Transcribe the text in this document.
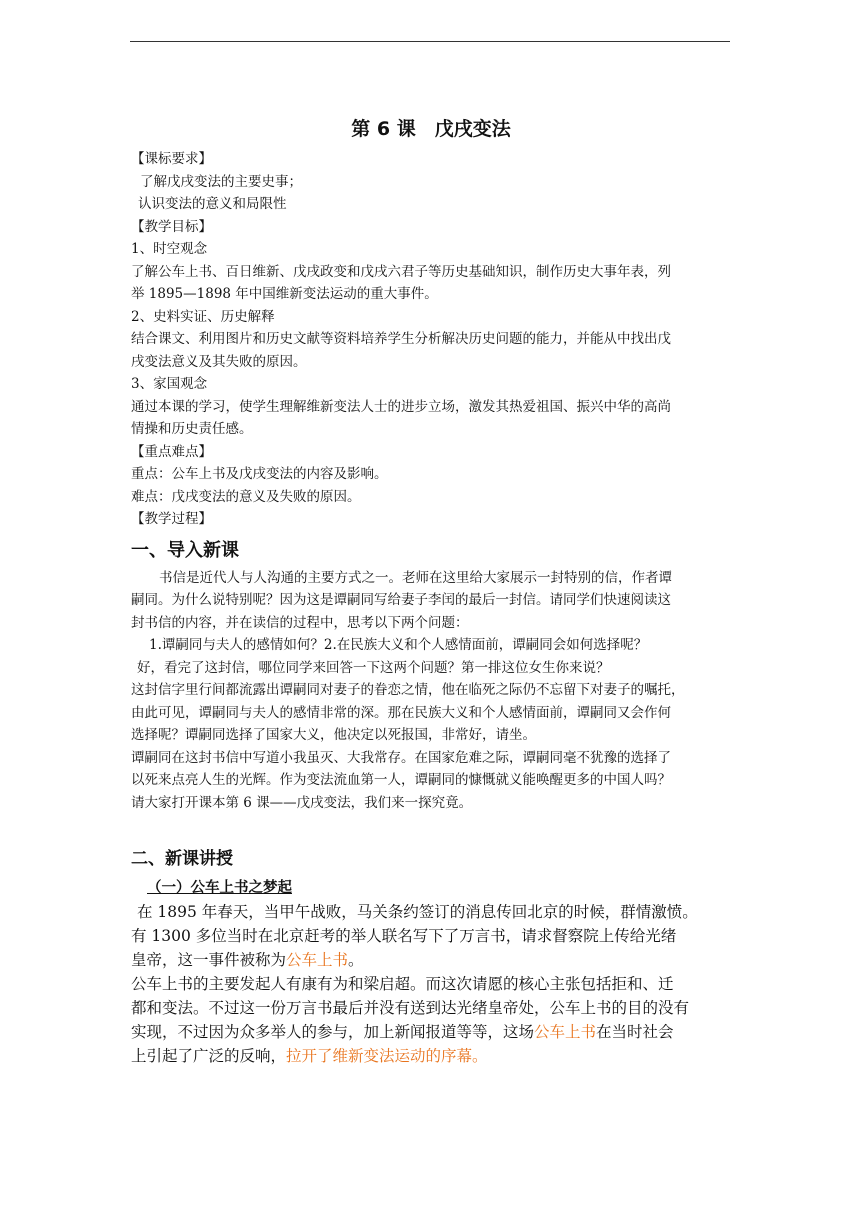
第 6 课　戊戌变法
【课标要求】
了解戊戌变法的主要史事；
认识变法的意义和局限性
【教学目标】
1、时空观念
了解公车上书、百日维新、戊戌政变和戊戌六君子等历史基础知识，制作历史大事年表，列
举 1895—1898 年中国维新变法运动的重大事件。
2、史料实证、历史解释
结合课文、利用图片和历史文献等资料培养学生分析解决历史问题的能力，并能从中找出戊
戌变法意义及其失败的原因。
3、家国观念
通过本课的学习，使学生理解维新变法人士的进步立场，激发其热爱祖国、振兴中华的高尚
情操和历史责任感。
【重点难点】
重点：公车上书及戊戌变法的内容及影响。
难点：戊戌变法的意义及失败的原因。
【教学过程】
一、导入新课
书信是近代人与人沟通的主要方式之一。老师在这里给大家展示一封特别的信，作者谭
嗣同。为什么说特别呢？因为这是谭嗣同写给妻子李闰的最后一封信。请同学们快速阅读这
封书信的内容，并在读信的过程中，思考以下两个问题：
1.谭嗣同与夫人的感情如何？2.在民族大义和个人感情面前，谭嗣同会如何选择呢？
好，看完了这封信，哪位同学来回答一下这两个问题？第一排这位女生你来说？
这封信字里行间都流露出谭嗣同对妻子的眷恋之情，他在临死之际仍不忘留下对妻子的嘱托，
由此可见，谭嗣同与夫人的感情非常的深。那在民族大义和个人感情面前，谭嗣同又会作何
选择呢？谭嗣同选择了国家大义，他决定以死报国，非常好，请坐。
谭嗣同在这封书信中写道小我虽灭、大我常存。在国家危难之际，谭嗣同毫不犹豫的选择了
以死来点亮人生的光辉。作为变法流血第一人，谭嗣同的慷慨就义能唤醒更多的中国人吗？
请大家打开课本第 6 课——戊戌变法，我们来一探究竟。
二、新课讲授
（一）公车上书之梦起
在 1895 年春天，当甲午战败，马关条约签订的消息传回北京的时候，群情激愤。
有 1300 多位当时在北京赶考的举人联名写下了万言书，请求督察院上传给光绪
皇帝，这一事件被称为公车上书。
公车上书的主要发起人有康有为和梁启超。而这次请愿的核心主张包括拒和、迁
都和变法。不过这一份万言书最后并没有送到达光绪皇帝处，公车上书的目的没有
实现，不过因为众多举人的参与，加上新闻报道等等，这场公车上书在当时社会
上引起了广泛的反响，拉开了维新变法运动的序幕。
